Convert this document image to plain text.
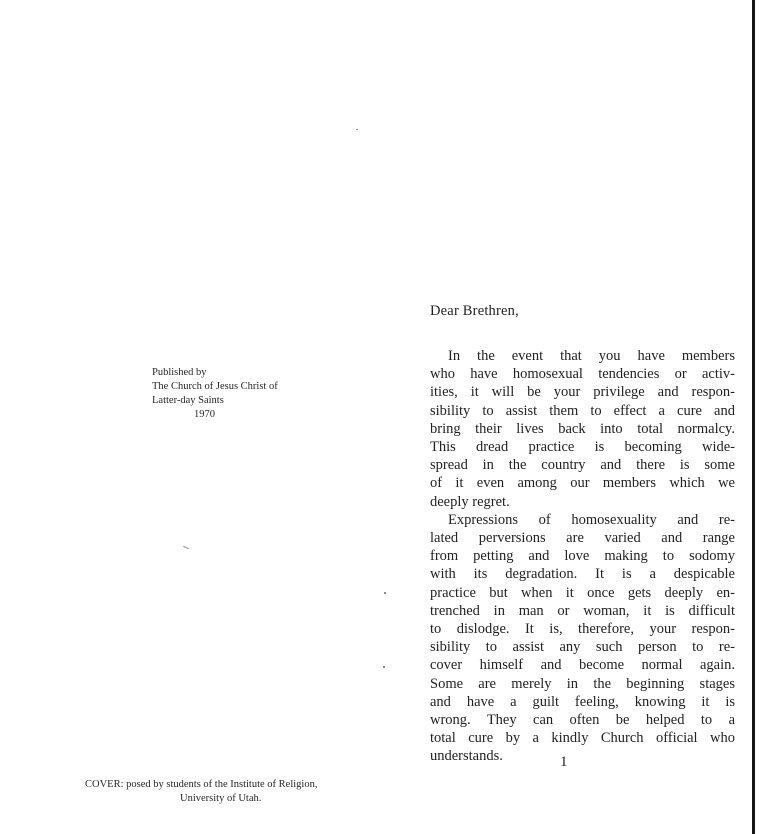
Published by
The Church of Jesus Christ of
Latter-day Saints
1970
COVER: posed by students of the Institute of Religion,
University of Utah.

Dear Brethren,

In the event that you have members
who have homosexual tendencies or activ-
ities, it will be your privilege and respon-
sibility to assist them to effect a cure and
bring their lives back into total normalcy.
This dread practice is becoming wide-
spread in the country and there is some
of it even among our members which we
deeply regret.
Expressions of homosexuality and re-
lated perversions are varied and range
from petting and love making to sodomy
with its degradation. It is a despicable
practice but when it once gets deeply en-
trenched in man or woman, it is difficult
to dislodge. It is, therefore, your respon-
sibility to assist any such person to re-
cover himself and become normal again.
Some are merely in the beginning stages
and have a guilt feeling, knowing it is
wrong. They can often be helped to a
total cure by a kindly Church official who
understands.	1
